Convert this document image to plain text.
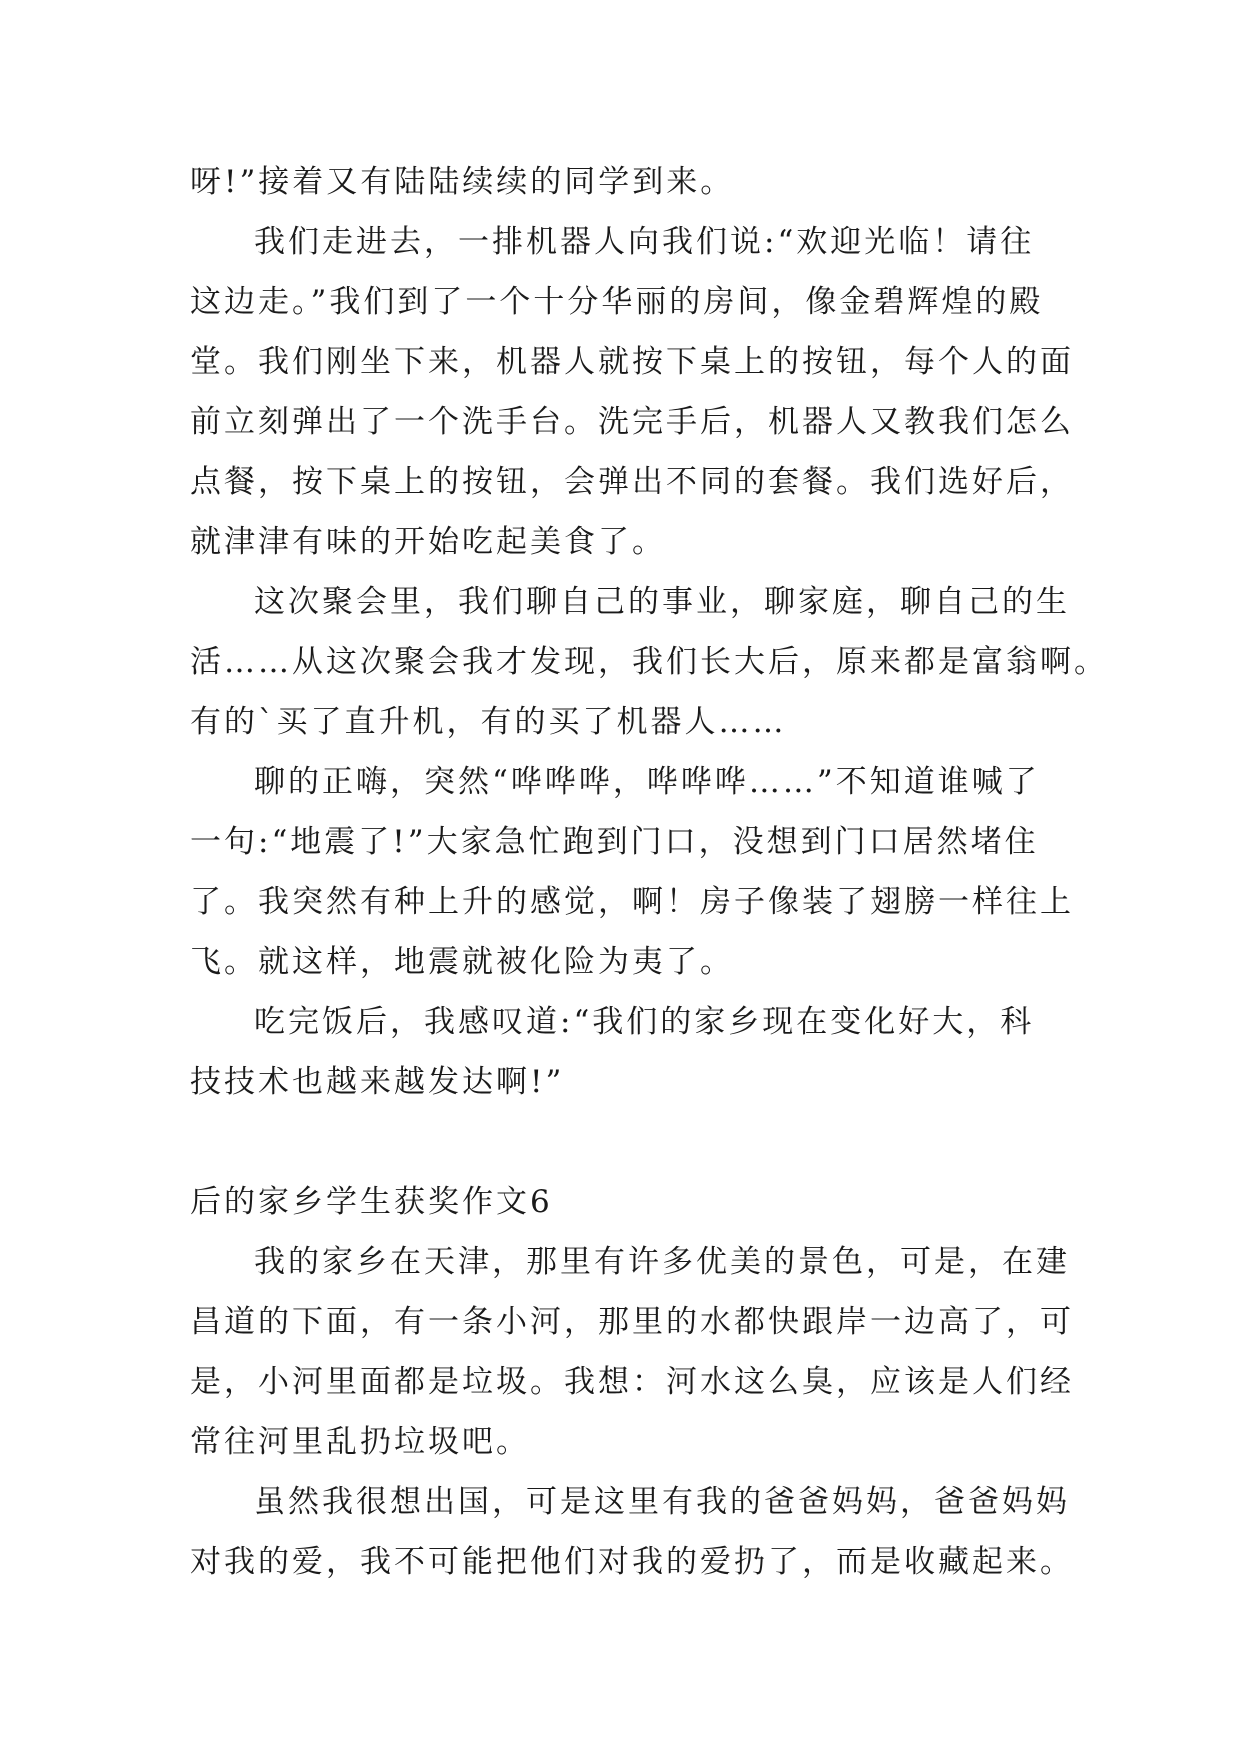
呀!”接着又有陆陆续续的同学到来。
我们走进去，一排机器人向我们说:“欢迎光临！请往
这边走。”我们到了一个十分华丽的房间，像金碧辉煌的殿
堂。我们刚坐下来，机器人就按下桌上的按钮，每个人的面
前立刻弹出了一个洗手台。洗完手后，机器人又教我们怎么
点餐，按下桌上的按钮，会弹出不同的套餐。我们选好后，
就津津有味的开始吃起美食了。
这次聚会里，我们聊自己的事业，聊家庭，聊自己的生
活……从这次聚会我才发现，我们长大后，原来都是富翁啊。
有的`买了直升机，有的买了机器人……
聊的正嗨，突然“哗哗哗，哗哗哗……”不知道谁喊了
一句:“地震了!”大家急忙跑到门口，没想到门口居然堵住
了。我突然有种上升的感觉，啊！房子像装了翅膀一样往上
飞。就这样，地震就被化险为夷了。
吃完饭后，我感叹道:“我们的家乡现在变化好大，科
技技术也越来越发达啊!”
后的家乡学生获奖作文6
我的家乡在天津，那里有许多优美的景色，可是，在建
昌道的下面，有一条小河，那里的水都快跟岸一边高了，可
是，小河里面都是垃圾。我想：河水这么臭，应该是人们经
常往河里乱扔垃圾吧。
虽然我很想出国，可是这里有我的爸爸妈妈，爸爸妈妈
对我的爱，我不可能把他们对我的爱扔了，而是收藏起来。
